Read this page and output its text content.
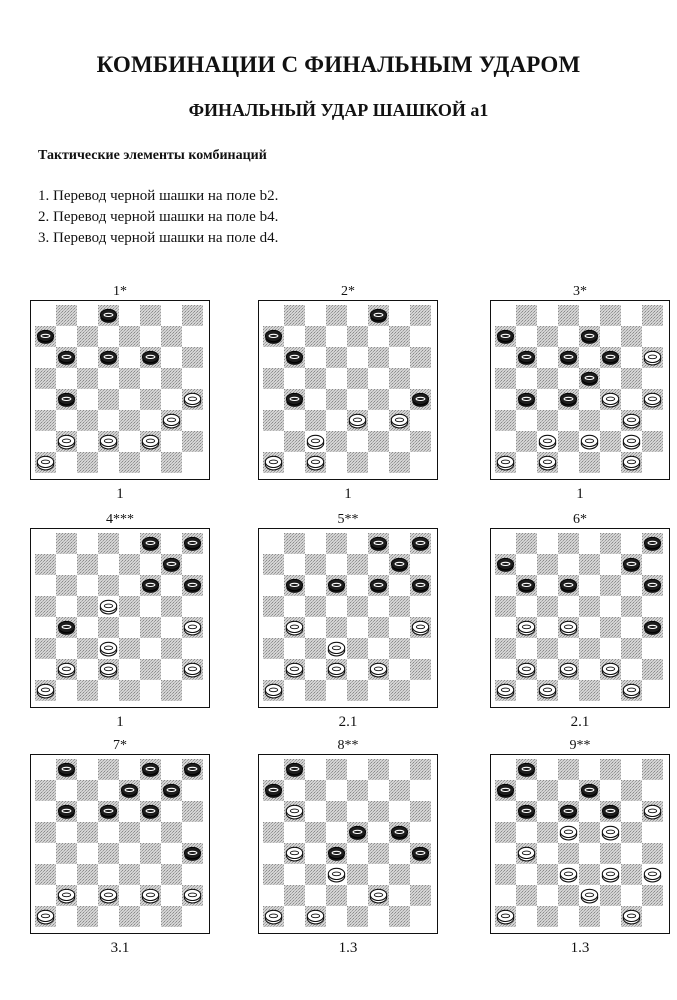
КОМБИНАЦИИ С ФИНАЛЬНЫМ УДАРОМ
ФИНАЛЬНЫЙ УДАР ШАШКОЙ a1
Тактические элементы комбинаций
1. Перевод черной шашки на поле b2.
2. Перевод черной шашки на поле b4.
3. Перевод черной шашки на поле d4.
1*
1
2*
1
3*
1
4***
1
5**
2.1
6*
2.1
7*
3.1
8**
1.3
9**
1.3
